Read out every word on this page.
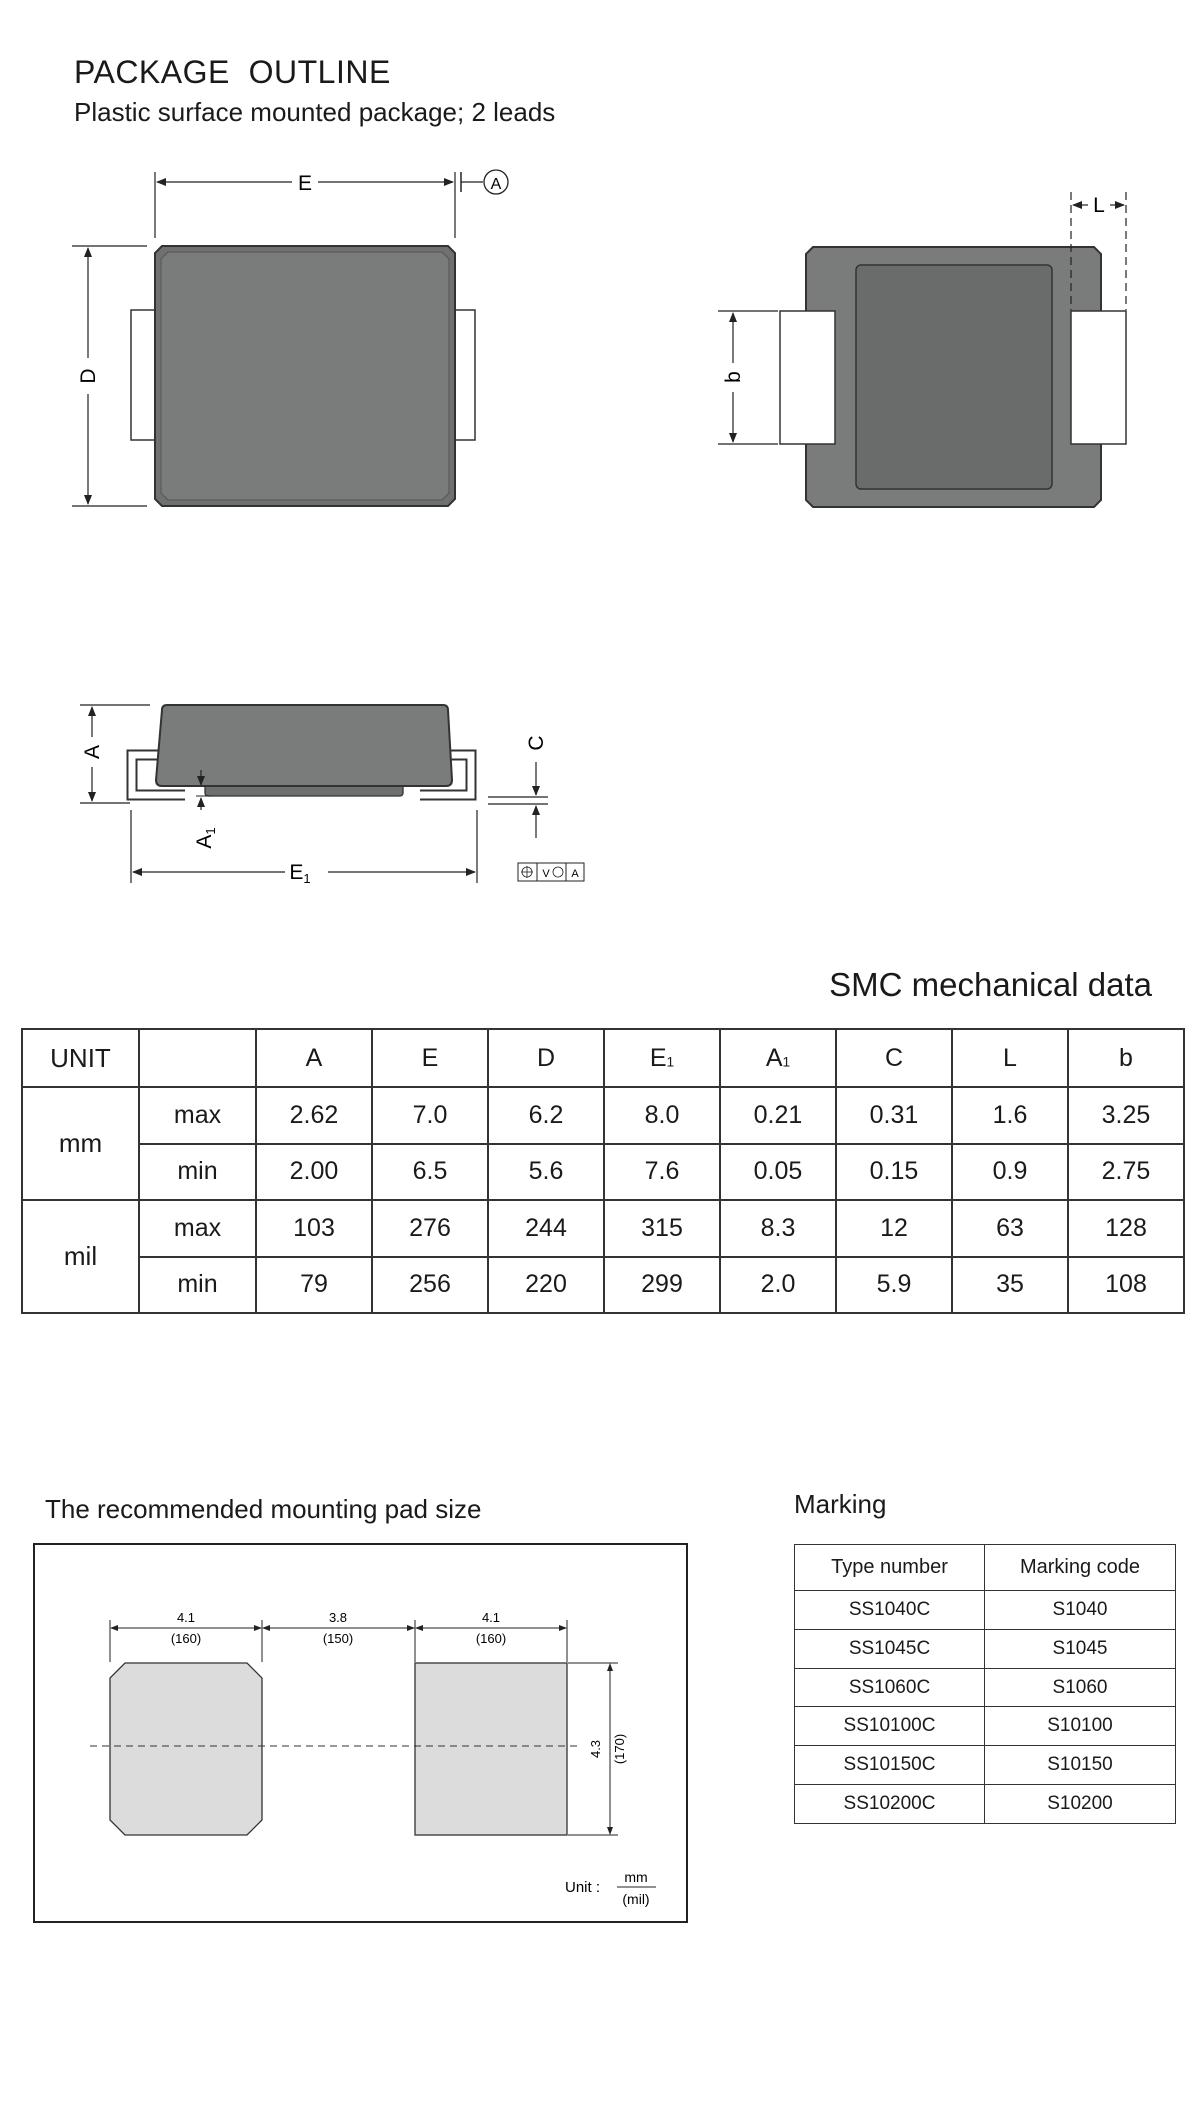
PACKAGE  OUTLINE
Plastic surface mounted package; 2 leads
E	A
D
L
b
A
A1
C
E1	V A
SMC mechanical data
UNIT		A	E	D	$E_1$	$A_1$	C	L	b
mm	max	2.62	7.0	6.2	8.0	0.21	0.31	1.6	3.25
	min	2.00	6.5	5.6	7.6	0.05	0.15	0.9	2.75
mil	max	103	276	244	315	8.3	12	63	128
	min	79	256	220	299	2.0	5.9	35	108
The recommended mounting pad size
4.1
(160)
3.8
(150)
4.1
(160)
4.3 (170)
Unit :
mm
(mil)
Marking
Type number	Marking code
SS1040C	S1040
SS1045C	S1045
SS1060C	S1060
SS10100C	S10100
SS10150C	S10150
SS10200C	S10200
